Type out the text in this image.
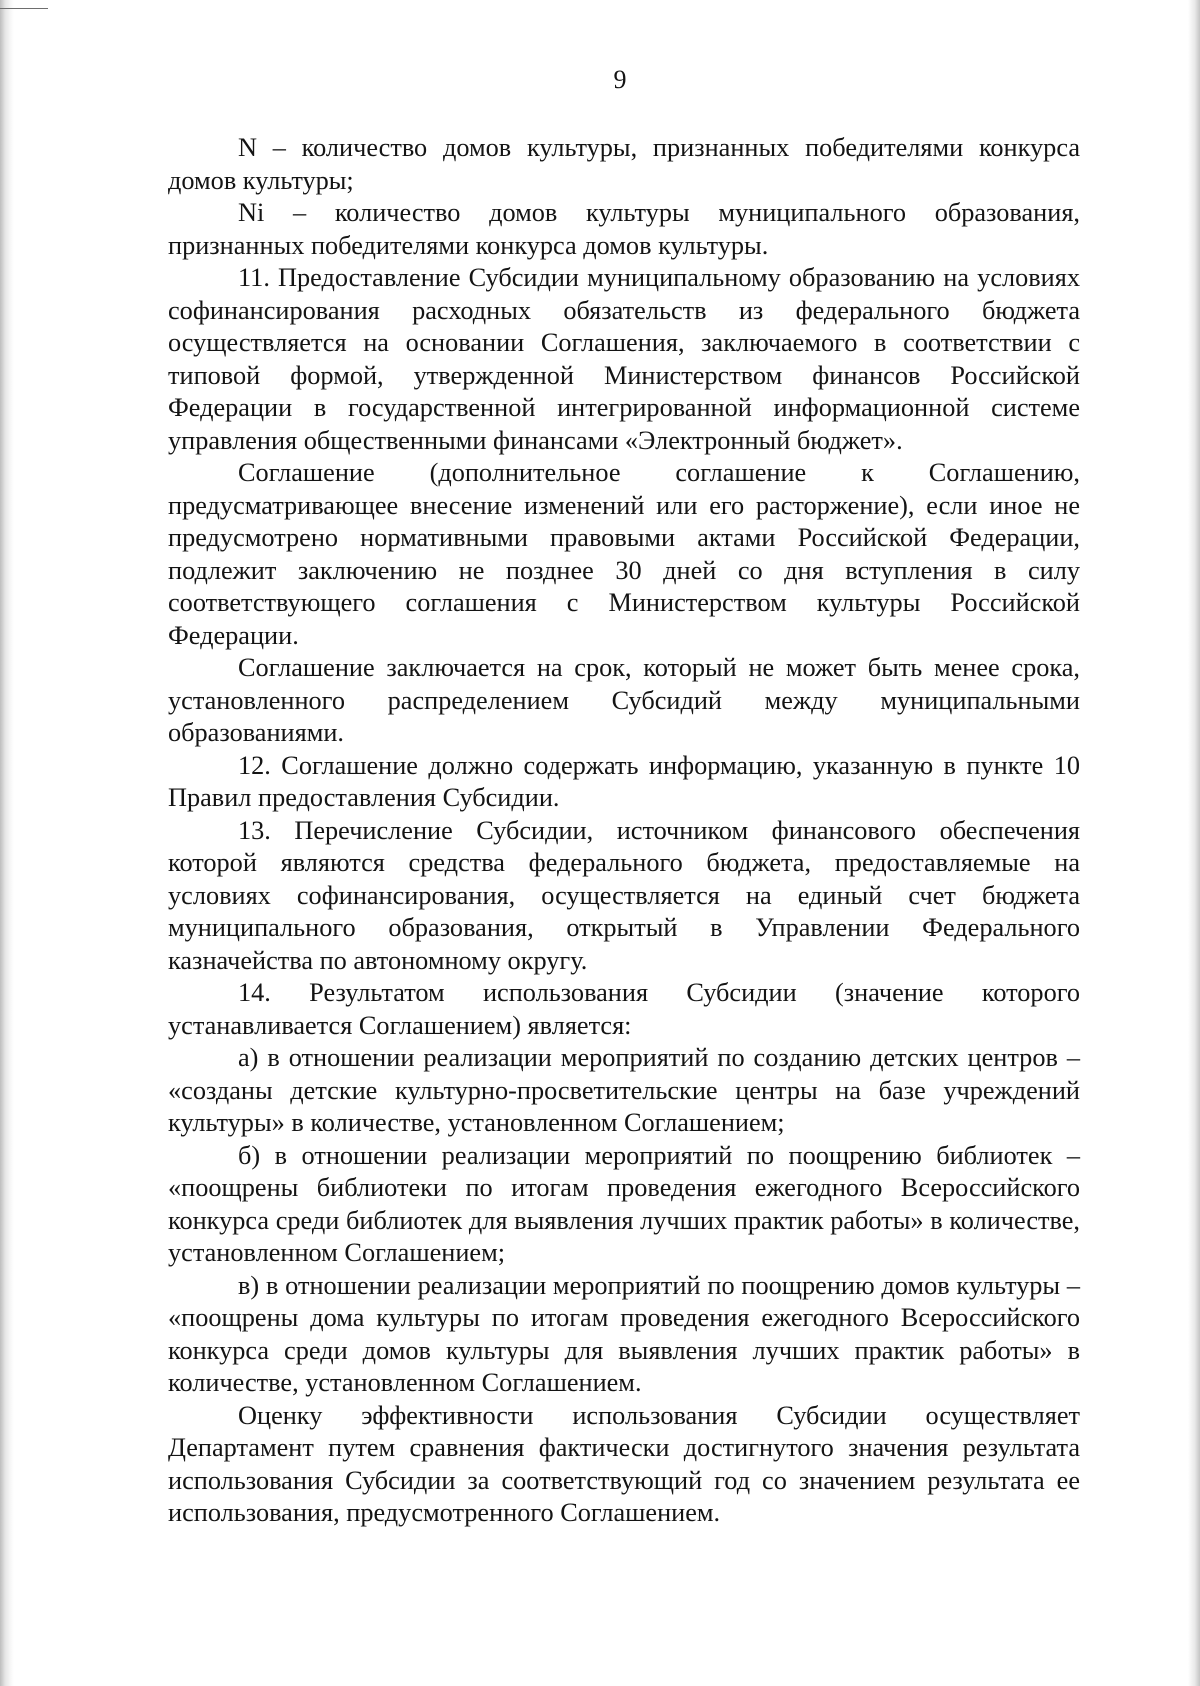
9

N – количество домов культуры, признанных победителями конкурса домов культуры;

Ni – количество домов культуры муниципального образования, признанных победителями конкурса домов культуры.

11. Предоставление Субсидии муниципальному образованию на условиях софинансирования расходных обязательств из федерального бюджета осуществляется на основании Соглашения, заключаемого в соответствии с типовой формой, утвержденной Министерством финансов Российской Федерации в государственной интегрированной информационной системе управления общественными финансами «Электронный бюджет».

Соглашение (дополнительное соглашение к Соглашению, предусматривающее внесение изменений или его расторжение), если иное не предусмотрено нормативными правовыми актами Российской Федерации, подлежит заключению не позднее 30 дней со дня вступления в силу соответствующего соглашения с Министерством культуры Российской Федерации.

Соглашение заключается на срок, который не может быть менее срока, установленного распределением Субсидий между муниципальными образованиями.

12. Соглашение должно содержать информацию, указанную в пункте 10 Правил предоставления Субсидии.

13. Перечисление Субсидии, источником финансового обеспечения которой являются средства федерального бюджета, предоставляемые на условиях софинансирования, осуществляется на единый счет бюджета муниципального образования, открытый в Управлении Федерального казначейства по автономному округу.

14. Результатом использования Субсидии (значение которого устанавливается Соглашением) является:

а) в отношении реализации мероприятий по созданию детских центров – «созданы детские культурно-просветительские центры на базе учреждений культуры» в количестве, установленном Соглашением;

б) в отношении реализации мероприятий по поощрению библиотек – «поощрены библиотеки по итогам проведения ежегодного Всероссийского конкурса среди библиотек для выявления лучших практик работы» в количестве, установленном Соглашением;

в) в отношении реализации мероприятий по поощрению домов культуры – «поощрены дома культуры по итогам проведения ежегодного Всероссийского конкурса среди домов культуры для выявления лучших практик работы» в количестве, установленном Соглашением.

Оценку эффективности использования Субсидии осуществляет Департамент путем сравнения фактически достигнутого значения результата использования Субсидии за соответствующий год со значением результата ее использования, предусмотренного Соглашением.
